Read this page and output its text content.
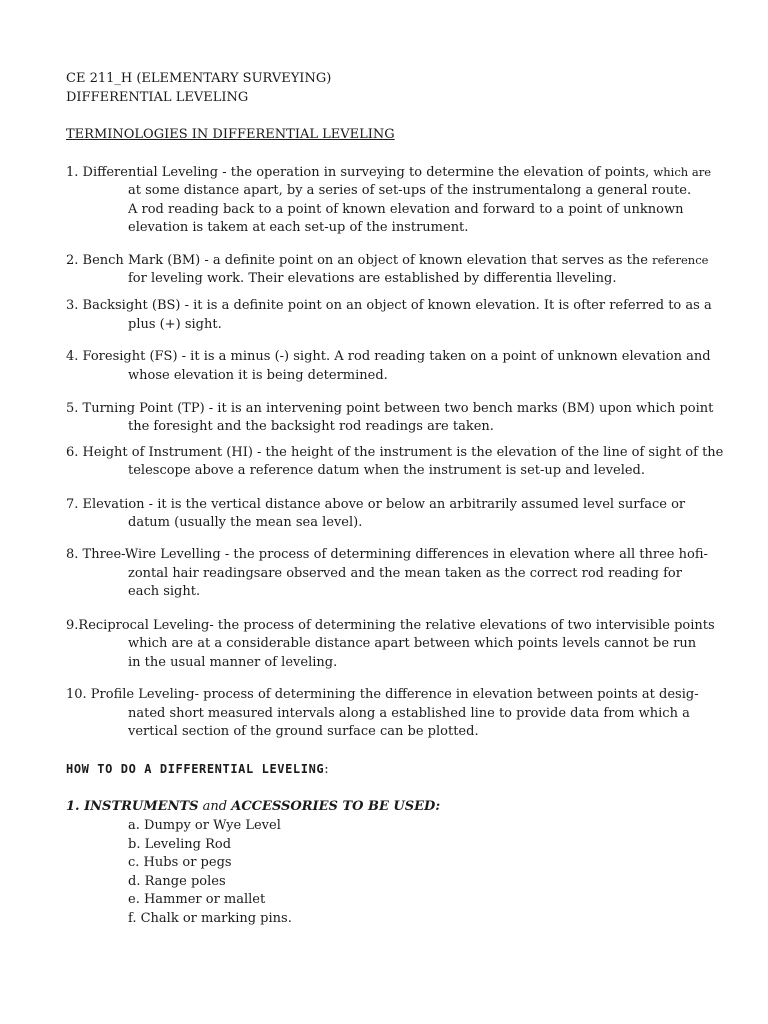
CE 211_H (ELEMENTARY SURVEYING)
DIFFERENTIAL LEVELING
TERMINOLOGIES IN DIFFERENTIAL LEVELING
1. Differential Leveling - the operation in surveying to determine the elevation of points, which are
at some distance apart, by a series of set-ups of the instrumentalong a general route.
A rod reading back to a point of known elevation and forward to a point of unknown
elevation is takem at each set-up of the instrument.
2. Bench Mark (BM) - a definite point on an object of known elevation that serves as the reference
for leveling work. Their elevations are established by differentia lleveling.
3. Backsight (BS) - it is a definite point on an object of known elevation. It is ofter referred to as a
plus (+) sight.
4. Foresight (FS) - it is a minus (-) sight. A rod reading taken on a point of unknown elevation and
whose elevation it is being determined.
5. Turning Point (TP) - it is an intervening point between two bench marks (BM) upon which point
the foresight and the backsight rod readings are taken.
6. Height of Instrument (HI) - the height of the instrument is the elevation of the line of sight of the
telescope above a reference datum when the instrument is set-up and leveled.
7. Elevation - it is the vertical distance above or below an arbitrarily assumed level surface or
datum (usually the mean sea level).
8. Three-Wire Levelling - the process of determining differences in elevation where all three hofi-
zontal hair readingsare observed and the mean taken as the correct rod reading for
each sight.
9.Reciprocal Leveling- the process of determining the relative elevations of two intervisible points
which are at a considerable distance apart between which points levels cannot be run
in the usual manner of leveling.
10. Profile Leveling- process of determining the difference in elevation between points at desig-
nated short measured intervals along a established line to provide data from which a
vertical section of the ground surface can be plotted.
HOW TO DO A DIFFERENTIAL LEVELING:
1. INSTRUMENTS and ACCESSORIES TO BE USED:
a. Dumpy or Wye Level
b. Leveling Rod
c. Hubs or pegs
d. Range poles
e. Hammer or mallet
f. Chalk or marking pins.
